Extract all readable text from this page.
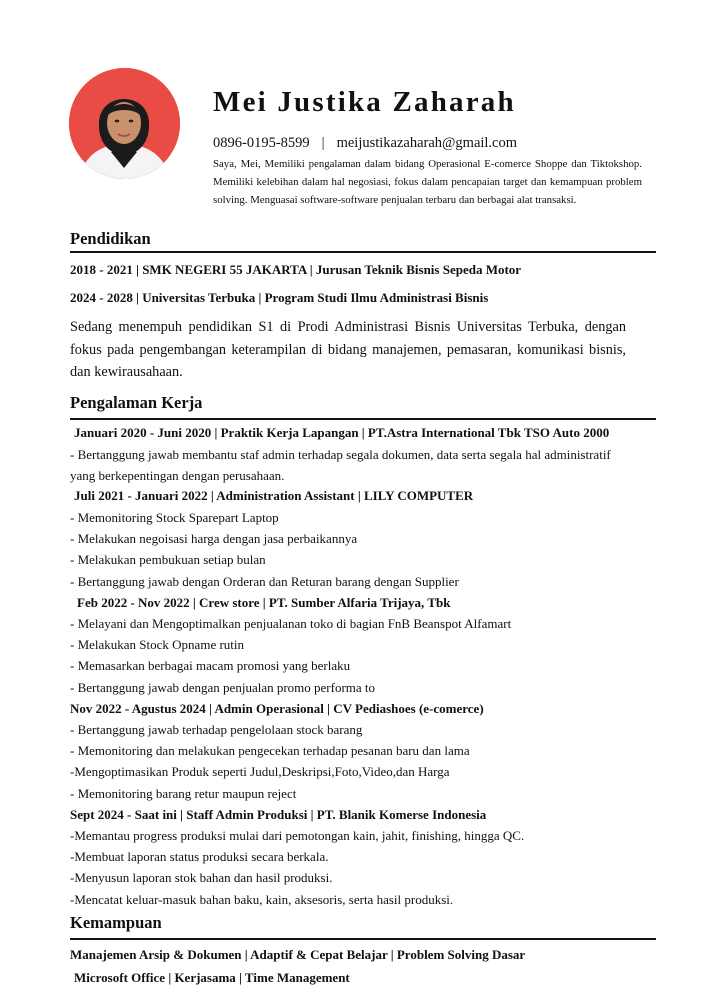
Mei Justika Zaharah
0896-0195-8599 | meijustikazaharah@gmail.com
Saya, Mei, Memiliki pengalaman dalam bidang Operasional E-comerce Shoppe dan Tiktokshop. Memiliki kelebihan dalam hal negosiasi, fokus dalam pencapaian target dan kemampuan problem solving. Menguasai software-software penjualan terbaru dan berbagai alat transaksi.
Pendidikan
2018 - 2021 | SMK NEGERI 55 JAKARTA | Jurusan Teknik Bisnis Sepeda Motor
2024 - 2028 | Universitas Terbuka | Program Studi Ilmu Administrasi Bisnis

Sedang menempuh pendidikan S1 di Prodi Administrasi Bisnis Universitas Terbuka, dengan fokus pada pengembangan keterampilan di bidang manajemen, pemasaran, komunikasi bisnis, dan kewirausahaan.

Pengalaman Kerja
Januari 2020 - Juni 2020 | Praktik Kerja Lapangan | PT.Astra International Tbk TSO Auto 2000

- Bertanggung jawab membantu staf admin terhadap segala dokumen, data serta segala hal administratif yang berkepentingan dengan perusahaan.

Juli 2021 - Januari 2022 | Administration Assistant | LILY COMPUTER
- Memonitoring Stock Sparepart Laptop
- Melakukan negoisasi harga dengan jasa perbaikannya
- Melakukan pembukuan setiap bulan
- Bertanggung jawab dengan Orderan dan Returan barang dengan Supplier
Feb 2022 - Nov 2022 | Crew store | PT. Sumber Alfaria Trijaya, Tbk
- Melayani dan Mengoptimalkan penjualanan toko di bagian FnB Beanspot Alfamart
- Melakukan Stock Opname rutin
- Memasarkan berbagai macam promosi yang berlaku
- Bertanggung jawab dengan penjualan promo performa to
Nov 2022 - Agustus 2024 | Admin Operasional | CV Pediashoes (e-comerce)
- Bertanggung jawab terhadap pengelolaan stock barang
- Memonitoring dan melakukan pengecekan terhadap pesanan baru dan lama
-Mengoptimasikan Produk seperti Judul,Deskripsi,Foto,Video,dan Harga
- Memonitoring barang retur maupun reject
Sept 2024 - Saat ini | Staff Admin Produksi | PT. Blanik Komerse Indonesia
-Memantau progress produksi mulai dari pemotongan kain, jahit, finishing, hingga QC.
-Membuat laporan status produksi secara berkala.
-Menyusun laporan stok bahan dan hasil produksi.
-Mencatat keluar-masuk bahan baku, kain, aksesoris, serta hasil produksi.
Kemampuan
Manajemen Arsip & Dokumen | Adaptif & Cepat Belajar | Problem Solving Dasar
Microsoft Office | Kerjasama | Time Management
